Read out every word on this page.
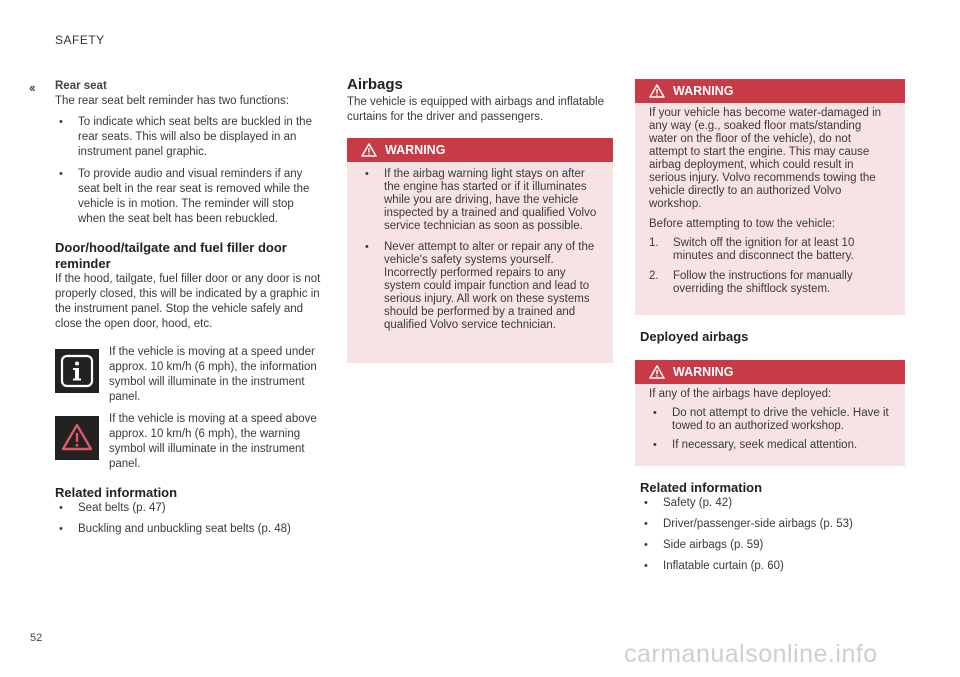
SAFETY
‹‹
52
Rear seat

The rear seat belt reminder has two functions:

• To indicate which seat belts are buckled in the rear seats. This will also be displayed in an instrument panel graphic.
• To provide audio and visual reminders if any seat belt in the rear seat is removed while the vehicle is in motion. The reminder will stop when the seat belt has been rebuckled.
Door/hood/tailgate and fuel filler door reminder

If the hood, tailgate, fuel filler door or any door is not properly closed, this will be indicated by a graphic in the instrument panel. Stop the vehicle safely and close the open door, hood, etc.

If the vehicle is moving at a speed under approx. 10 km/h (6 mph), the information symbol will illuminate in the instrument panel.
If the vehicle is moving at a speed above approx. 10 km/h (6 mph), the warning symbol will illuminate in the instrument panel.
Related information
• Seat belts (p. 47)
• Buckling and unbuckling seat belts (p. 48)
Airbags

The vehicle is equipped with airbags and inflatable curtains for the driver and passengers.

WARNING
• If the airbag warning light stays on after the engine has started or if it illuminates while you are driving, have the vehicle inspected by a trained and qualified Volvo service technician as soon as possible.
• Never attempt to alter or repair any of the vehicle's safety systems yourself. Incorrectly performed repairs to any system could impair function and lead to serious injury. All work on these systems should be performed by a trained and qualified Volvo service technician.
WARNING

If your vehicle has become water-damaged in any way (e.g., soaked floor mats/standing water on the floor of the vehicle), do not attempt to start the engine. This may cause airbag deployment, which could result in serious injury. Volvo recommends towing the vehicle directly to an authorized Volvo workshop.

Before attempting to tow the vehicle:

1. Switch off the ignition for at least 10 minutes and disconnect the battery.
2. Follow the instructions for manually overriding the shiftlock system.
Deployed airbags
WARNING

If any of the airbags have deployed:

• Do not attempt to drive the vehicle. Have it towed to an authorized workshop.
• If necessary, seek medical attention.
Related information
• Safety (p. 42)
• Driver/passenger-side airbags (p. 53)
• Side airbags (p. 59)
• Inflatable curtain (p. 60)
carmanualsonline.info
